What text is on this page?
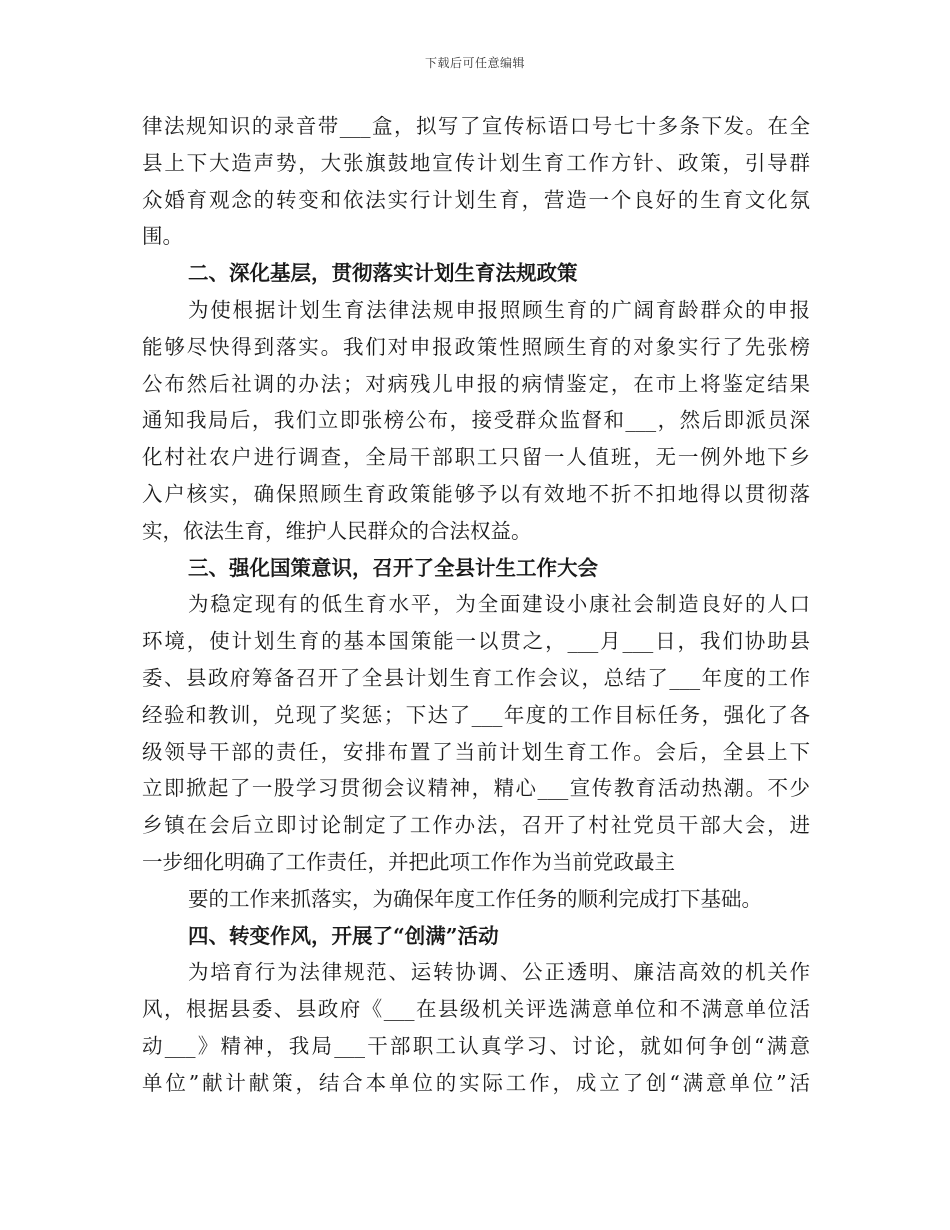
下载后可任意编辑
律法规知识的录音带___盒，拟写了宣传标语口号七十多条下发。在全
县上下大造声势，大张旗鼓地宣传计划生育工作方针、政策，引导群
众婚育观念的转变和依法实行计划生育，营造一个良好的生育文化氛
围。
二、深化基层，贯彻落实计划生育法规政策
为使根据计划生育法律法规申报照顾生育的广阔育龄群众的申报
能够尽快得到落实。我们对申报政策性照顾生育的对象实行了先张榜
公布然后社调的办法；对病残儿申报的病情鉴定，在市上将鉴定结果
通知我局后，我们立即张榜公布，接受群众监督和___，然后即派员深
化村社农户进行调查，全局干部职工只留一人值班，无一例外地下乡
入户核实，确保照顾生育政策能够予以有效地不折不扣地得以贯彻落
实，依法生育，维护人民群众的合法权益。
三、强化国策意识，召开了全县计生工作大会
为稳定现有的低生育水平，为全面建设小康社会制造良好的人口
环境，使计划生育的基本国策能一以贯之，___月___日，我们协助县
委、县政府筹备召开了全县计划生育工作会议，总结了___年度的工作
经验和教训，兑现了奖惩；下达了___年度的工作目标任务，强化了各
级领导干部的责任，安排布置了当前计划生育工作。会后，全县上下
立即掀起了一股学习贯彻会议精神，精心___宣传教育活动热潮。不少
乡镇在会后立即讨论制定了工作办法，召开了村社党员干部大会，进
一步细化明确了工作责任，并把此项工作作为当前党政最主
要的工作来抓落实，为确保年度工作任务的顺利完成打下基础。
四、转变作风，开展了“创满”活动
为培育行为法律规范、运转协调、公正透明、廉洁高效的机关作
风，根据县委、县政府《___在县级机关评选满意单位和不满意单位活
动___》精神，我局___干部职工认真学习、讨论，就如何争创“满意
单位”献计献策，结合本单位的实际工作，成立了创“满意单位”活
